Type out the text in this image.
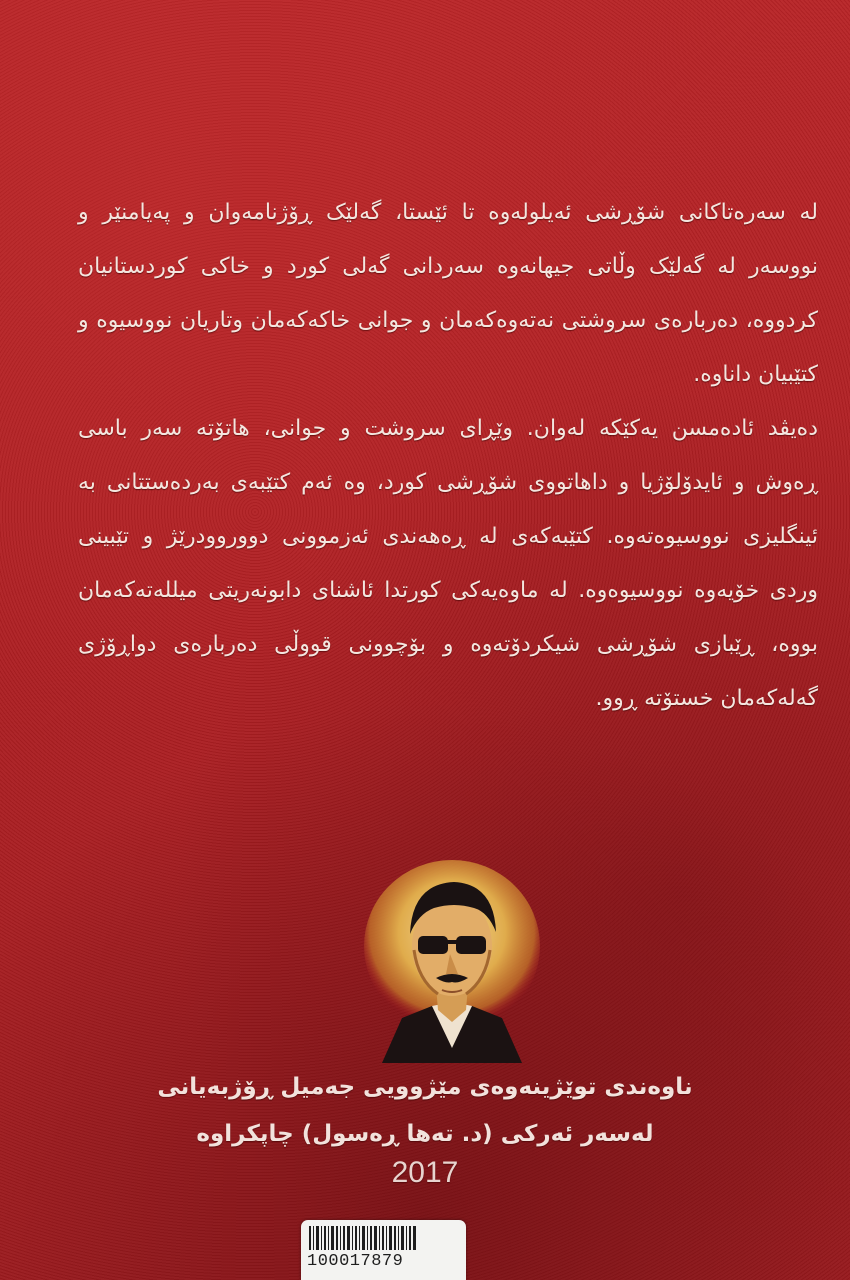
لە سەرەتاکانی شۆڕشی ئەیلولەوە تا ئێستا، گەلێک ڕۆژنامەوان و پەیامنێر و نووسەر لە گەلێک وڵاتی جیهانەوە سەردانی گەلی کورد و خاکی کوردستانیان کردووە، دەربارەی سروشتی نەتەوەکەمان و جوانی خاکەکەمان وتاریان نووسیوە و کتێبیان داناوە.

دەیڤد ئادەمسن یەکێکە لەوان. وێڕای سروشت و جوانی، هاتۆتە سەر باسی ڕەوش و ئایدۆلۆژیا و داهاتووی شۆڕشی کورد، وە ئەم کتێبەی بەردەستتانی بە ئینگلیزی نووسیوەتەوە. کتێبەکەی لە ڕەهەندی ئەزموونی دووروودرێژ و تێبینی وردی خۆیەوە نووسیوەوە. لە ماوەیەکی کورتدا ئاشنای دابونەریتی میللەتەکەمان بووە، ڕێبازی شۆڕشی شیکردۆتەوە و بۆچوونی قووڵی دەربارەی دواڕۆژی گەلەکەمان خستۆتە ڕوو.

ناوەندی توێژینەوەی مێژوویی جەمیل ڕۆژبەیانی
لەسەر ئەرکی (د. تەها ڕەسول) چاپکراوە
2017
100017879
